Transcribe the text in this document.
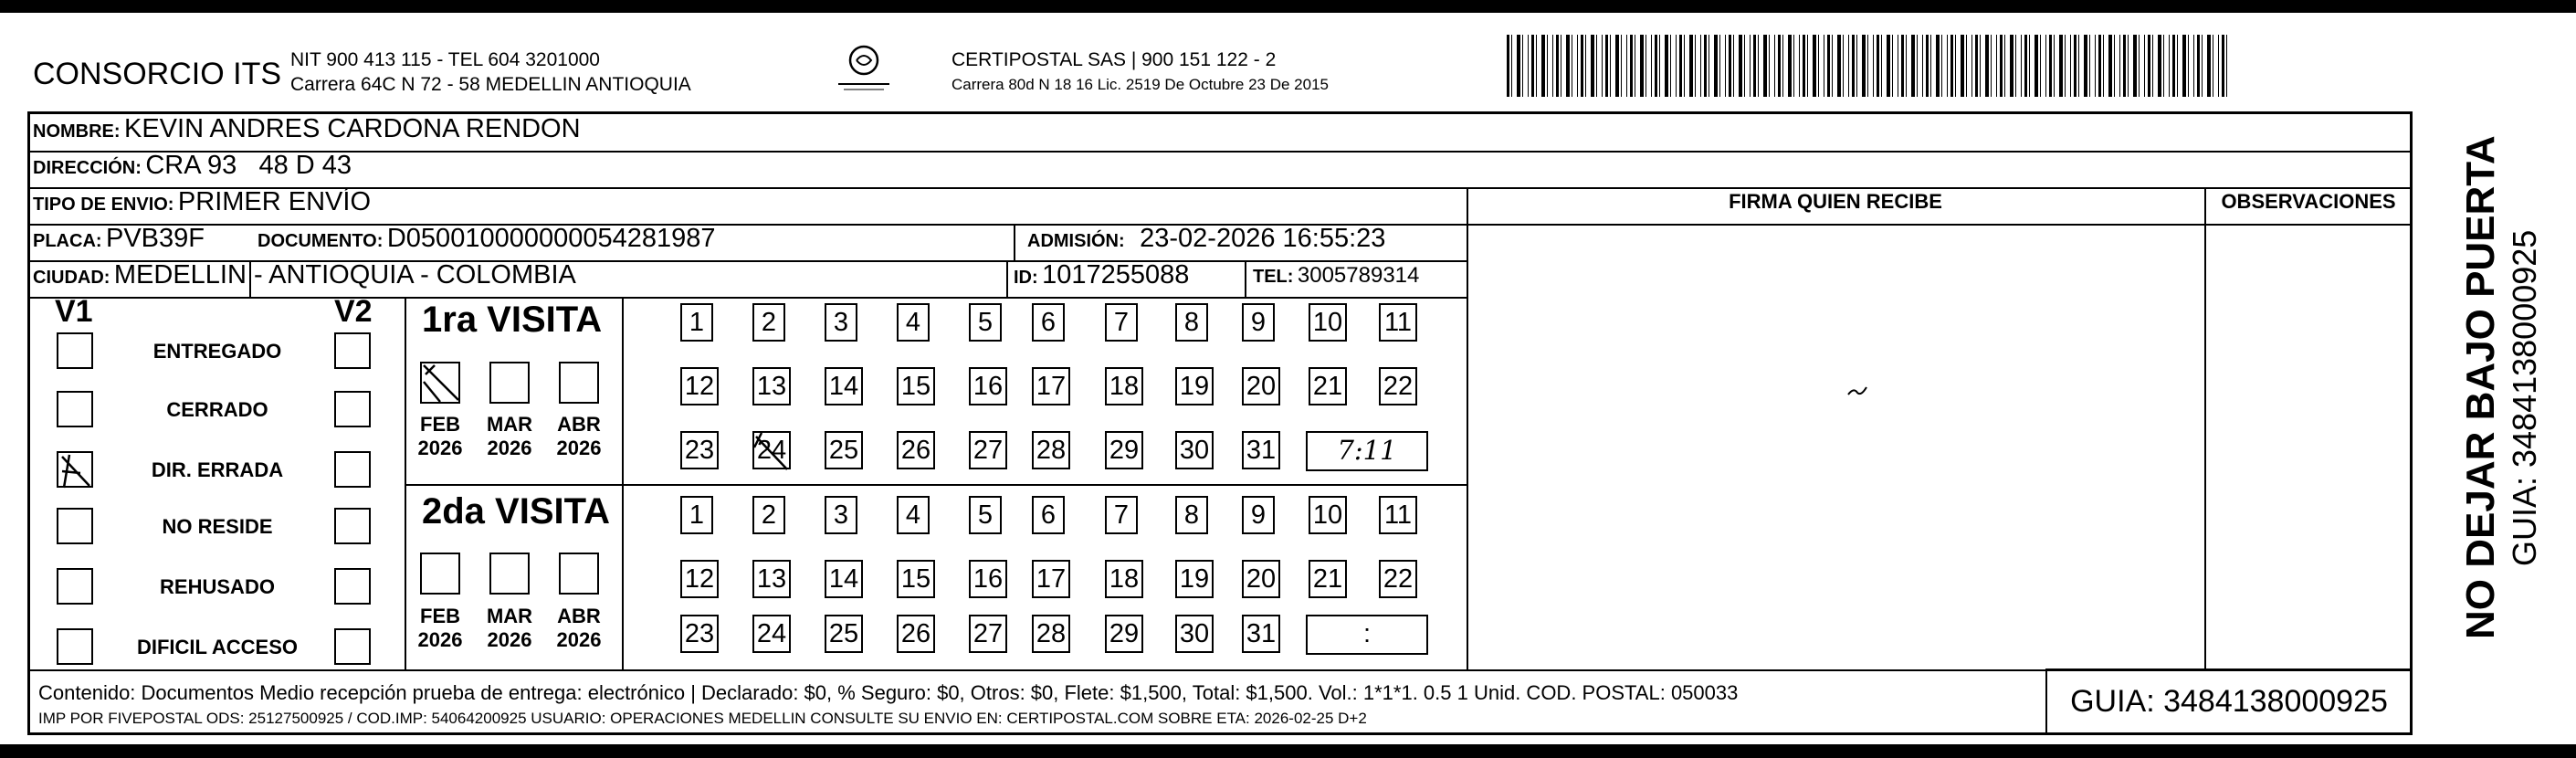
CONSORCIO ITS NIT 900 413 115 - TEL 604 3201000
Carrera 64C N 72 - 58 MEDELLIN ANTIOQUIA
CERTIPOSTAL SAS | 900 151 122 - 2
Carrera 80d N 18 16 Lic. 2519 De Octubre 23 De 2015
NOMBRE: KEVIN ANDRES CARDONA RENDON
DIRECCIÓN: CRA 93   48 D 43
TIPO DE ENVIO: PRIMER ENVÍO	FIRMA QUIEN RECIBE	OBSERVACIONES
PLACA: PVB39F	DOCUMENTO: D050010000000054281987	ADMISIÓN: 23-02-2026 16:55:23
CIUDAD: MEDELLIN - ANTIOQUIA - COLOMBIA	ID: 1017255088	TEL: 3005789314
V1	V2
ENTREGADO
CERRADO
DIR. ERRADA
NO RESIDE
REHUSADO
DIFICIL ACCESO
1ra VISITA
2da VISITA
FEB
2026
MAR
2026
ABR
2026
FEB
2026
MAR
2026
ABR
2026
1	2	3	4	5	6	7	8	9	10 11
12 13 14 15 16 17 18 19 20 21 22
23 24 25 26 27 28 29 30 31	7:11
1	2	3	4	5	6	7	8	9	10 11
12 13 14 15 16 17 18 19 20 21 22
23 24 25 26 27 28 29 30 31	:	NO DEJAR BAJO PUERTA GUIA: 3484138000925
Contenido: Documentos Medio recepción prueba de entrega: electrónico | Declarado: $0, % Seguro: $0, Otros: $0, Flete: $1,500, Total: $1,500. Vol.: 1*1*1. 0.5 1 Unid. COD. POSTAL: 050033
IMP POR FIVEPOSTAL ODS: 25127500925 / COD.IMP: 54064200925 USUARIO: OPERACIONES MEDELLIN CONSULTE SU ENVIO EN: CERTIPOSTAL.COM SOBRE ETA: 2026-02-25 D+2	GUIA: 3484138000925
